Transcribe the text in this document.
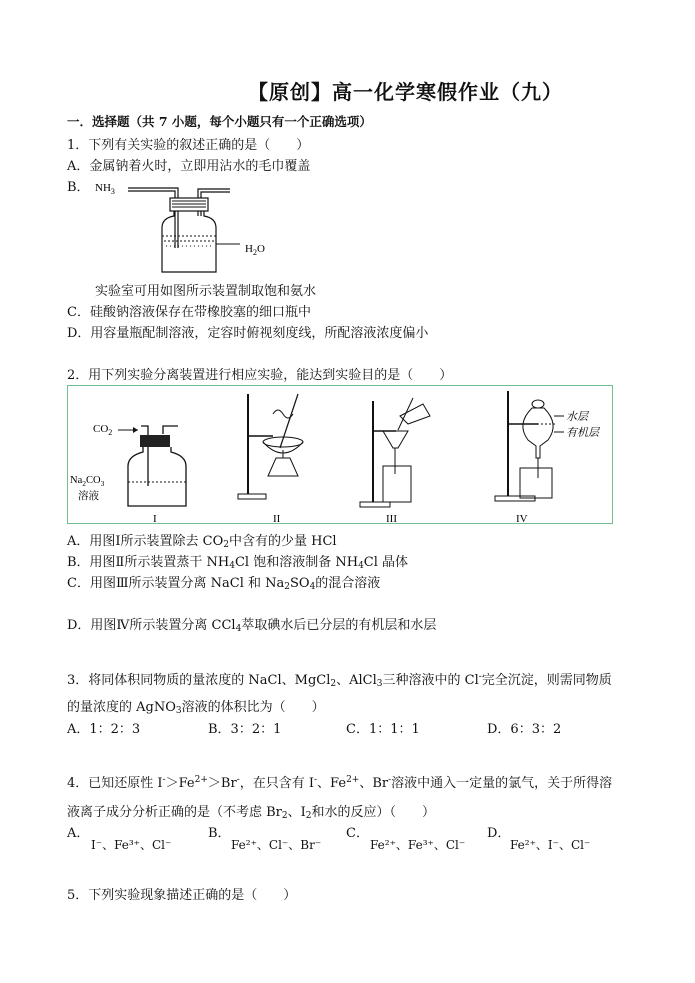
【原创】高一化学寒假作业（九）
一．选择题（共 7 小题，每个小题只有一个正确选项）
1．下列有关实验的叙述正确的是（　　）
A．金属钠着火时，立即用沾水的毛巾覆盖
B． $NH_3$
$H_2O$
实验室可用如图所示装置制取饱和氨水
C．硅酸钠溶液保存在带橡胶塞的细口瓶中
D．用容量瓶配制溶液，定容时俯视刻度线，所配溶液浓度偏小
2．用下列实验分离装置进行相应实验，能达到实验目的是（　　）
$CO_2$
$Na_2CO_3$
溶液
I	II	III
水层
有机层
IV
A．用图Ⅰ所示装置除去 $CO_2$中含有的少量 HCl
B．用图Ⅱ所示装置蒸干 $NH_4Cl$ 饱和溶液制备 $NH_4Cl$ 晶体
C．用图Ⅲ所示装置分离 NaCl 和 $Na_2SO_4$的混合溶液
D．用图Ⅳ所示装置分离 CCl$_4$萃取碘水后已分层的有机层和水层
3．将同体积同物质的量浓度的 NaCl、MgCl$_2$、AlCl$_3$三种溶液中的 Cl-完全沉淀，则需同物质
的量浓度的 AgNO$_3$溶液的体积比为（　　）
A．1：2：3	B．3：2：1	C．1：1：1	D．6：3：2
4．已知还原性 $I^->Fe^{2+}>Br^-$，在只含有 I-、$Fe^{2+}$、Br-溶液中通入一定量的氯气，关于所得溶
液离子成分分析正确的是（不考虑 $Br_2$、$I_2$和水的反应）（　　）
A．
I⁻、Fe³⁺、Cl⁻
B．
Fe²⁺、Cl⁻、Br⁻
C．
Fe²⁺、Fe³⁺、Cl⁻
D．
Fe²⁺、I⁻、Cl⁻
5．下列实验现象描述正确的是（　　）
